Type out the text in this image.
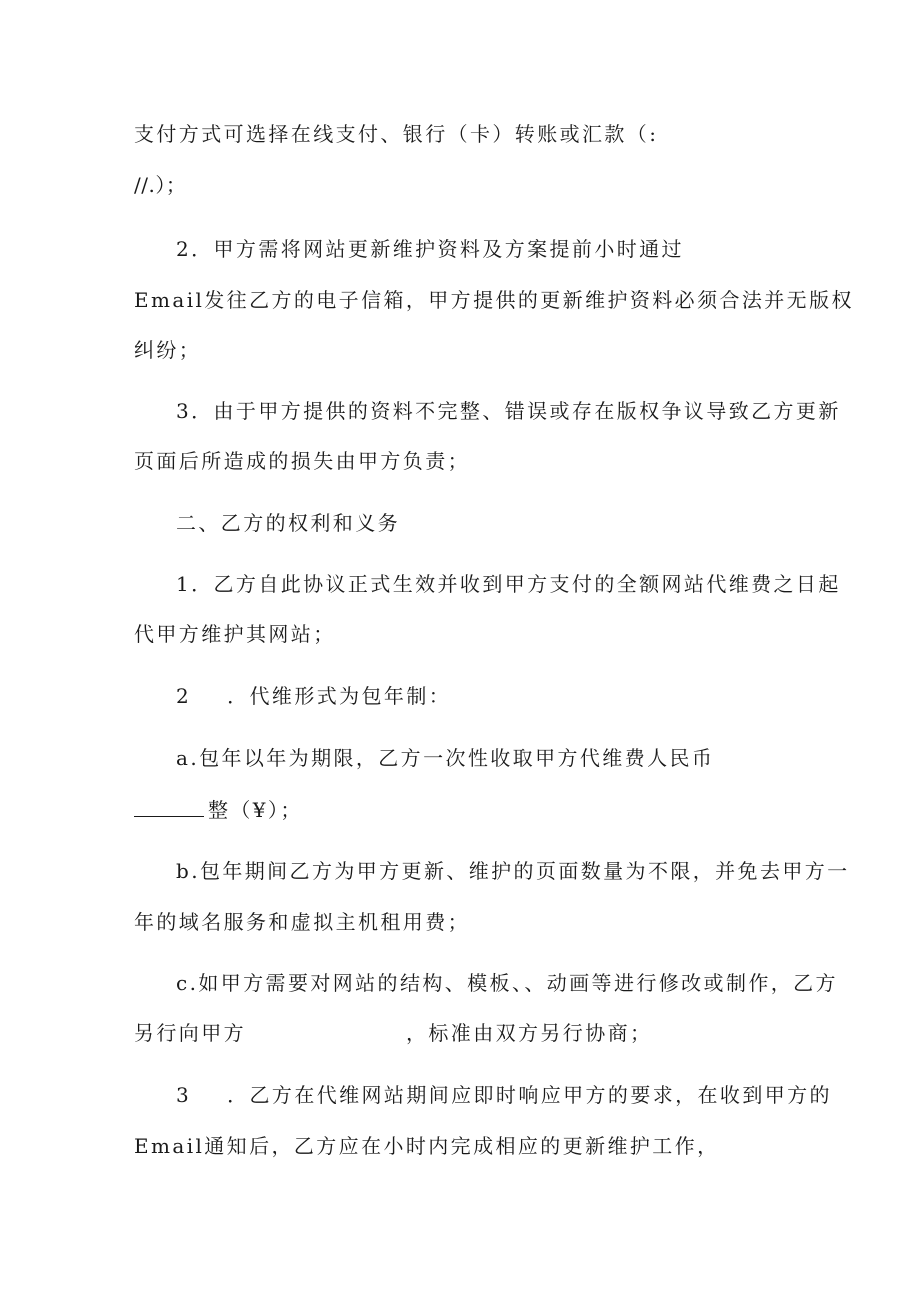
支付方式可选择在线支付、银行（卡）转账或汇款（:
//.）；
2．甲方需将网站更新维护资料及方案提前小时通过
Email发往乙方的电子信箱，甲方提供的更新维护资料必须合法并无版权
纠纷；
3．由于甲方提供的资料不完整、错误或存在版权争议导致乙方更新
页面后所造成的损失由甲方负责；
二、乙方的权利和义务
1．乙方自此协议正式生效并收到甲方支付的全额网站代维费之日起
代甲方维护其网站；
2 ．代维形式为包年制：
a.包年以年为期限，乙方一次性收取甲方代维费人民币
整（¥）；
b.包年期间乙方为甲方更新、维护的页面数量为不限，并免去甲方一
年的域名服务和虚拟主机租用费；
c.如甲方需要对网站的结构、模板、、动画等进行修改或制作，乙方
另行向甲方	，标准由双方另行协商；
3 ．乙方在代维网站期间应即时响应甲方的要求，在收到甲方的
Email通知后，乙方应在小时内完成相应的更新维护工作，
